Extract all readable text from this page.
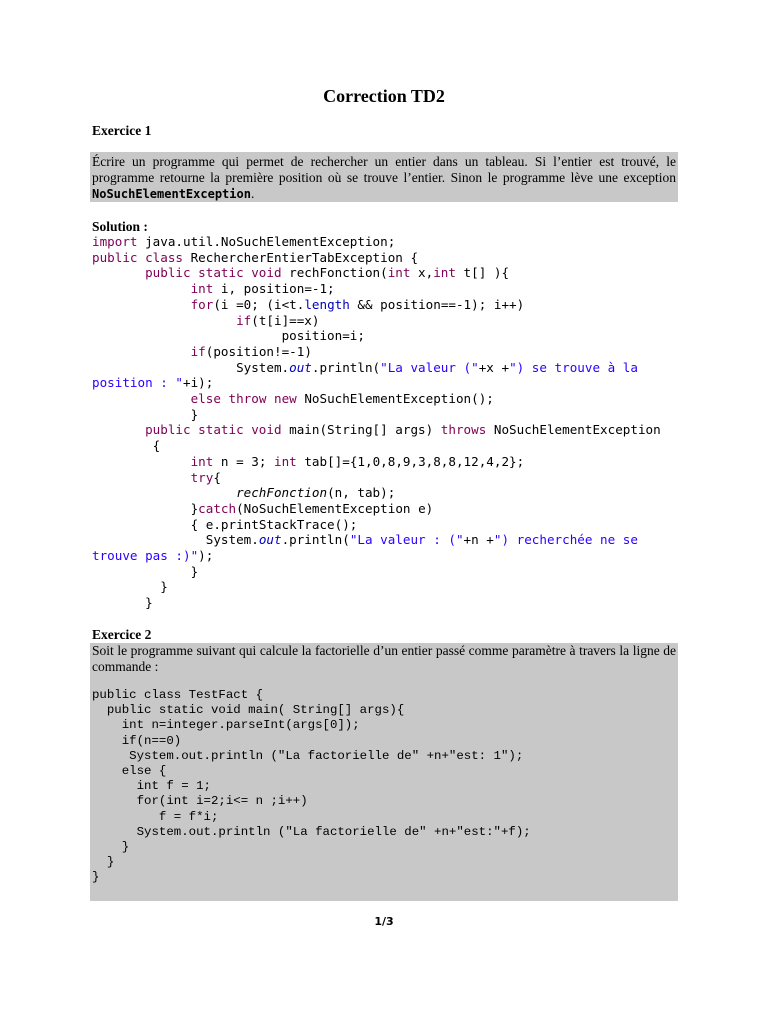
Correction TD2
Exercice 1

Écrire un programme qui permet de rechercher un entier dans un tableau. Si l’entier est trouvé, le
programme retourne la première position où se trouve l’entier. Sinon le programme lève une exception
NoSuchElementException.

Solution :
import java.util.NoSuchElementException;
public class RechercherEntierTabException {
public static void rechFonction(int x,int t[] ){
int i, position=-1;
for(i =0; (i<t.length && position==-1); i++)
if(t[i]==x)
position=i;
if(position!=-1)
System.out.println("La valeur ("+x +") se trouve à la
position : "+i);
else throw new NoSuchElementException();
}
public static void main(String[] args) throws NoSuchElementException
{
int n = 3; int tab[]={1,0,8,9,3,8,8,12,4,2};
try{
rechFonction(n, tab);
}catch(NoSuchElementException e)
{ e.printStackTrace();
System.out.println("La valeur : ("+n +") recherchée ne se
trouve pas :)");
}
}
}
Exercice 2

Soit le programme suivant qui calcule la factorielle d’un entier passé comme paramètre à travers la ligne de commande :

public class TestFact {
public static void main( String[] args){
int n=integer.parseInt(args[0]);
if(n==0)
System.out.println ("La factorielle de" +n+"est: 1");
else {
int f = 1;
for(int i=2;i<= n ;i++)
f = f*i;
System.out.println ("La factorielle de" +n+"est:"+f);
}
}
}
1/3
